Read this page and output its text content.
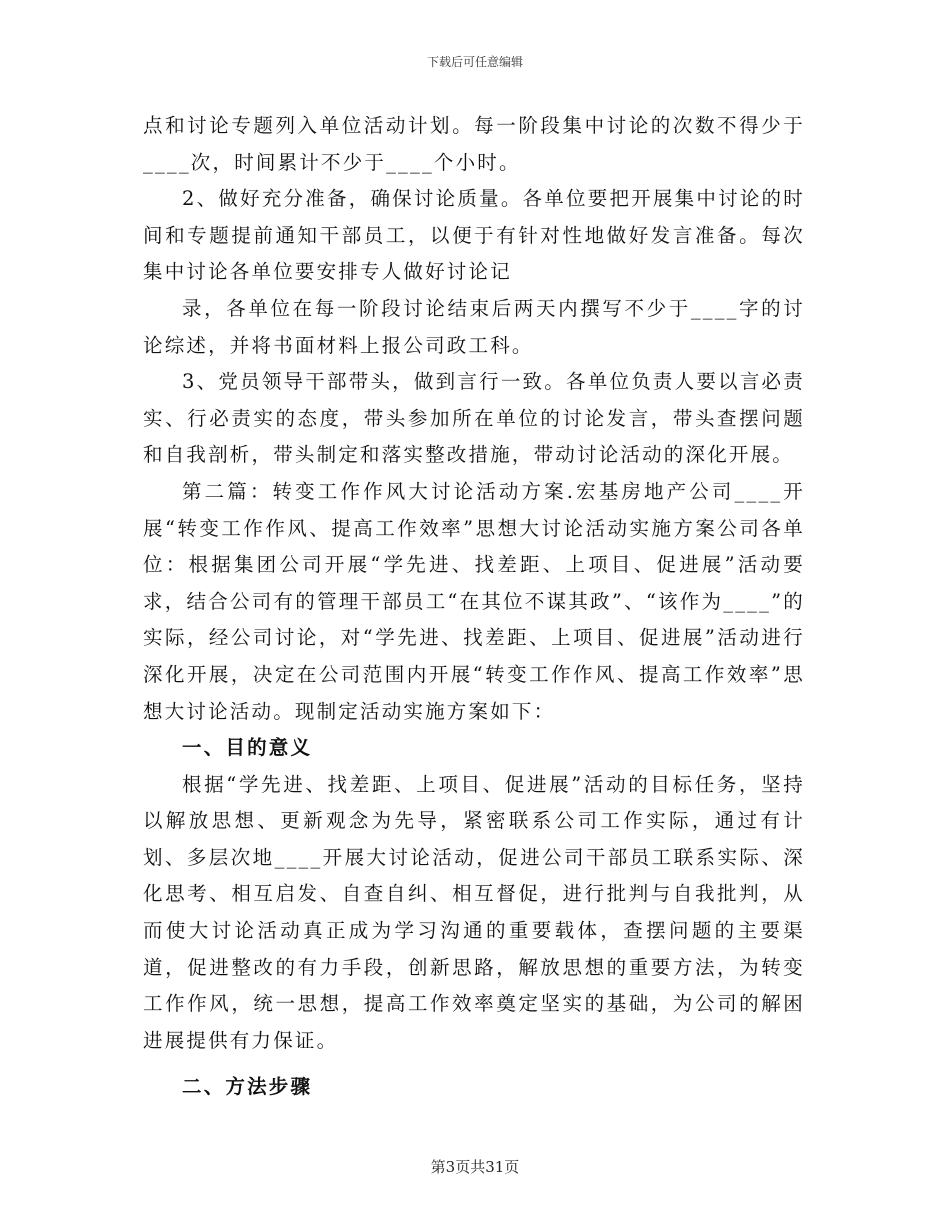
下载后可任意编辑

点和讨论专题列入单位活动计划。每一阶段集中讨论的次数不得少于____次，时间累计不少于____个小时。

2、做好充分准备，确保讨论质量。各单位要把开展集中讨论的时间和专题提前通知干部员工，以便于有针对性地做好发言准备。每次集中讨论各单位要安排专人做好讨论记

录，各单位在每一阶段讨论结束后两天内撰写不少于____字的讨论综述，并将书面材料上报公司政工科。

3、党员领导干部带头，做到言行一致。各单位负责人要以言必责实、行必责实的态度，带头参加所在单位的讨论发言，带头查摆问题和自我剖析，带头制定和落实整改措施，带动讨论活动的深化开展。

第二篇：转变工作作风大讨论活动方案.宏基房地产公司____开展“转变工作作风、提高工作效率”思想大讨论活动实施方案公司各单位：根据集团公司开展“学先进、找差距、上项目、促进展”活动要求，结合公司有的管理干部员工“在其位不谋其政”、“该作为____”的实际，经公司讨论，对“学先进、找差距、上项目、促进展”活动进行深化开展，决定在公司范围内开展“转变工作作风、提高工作效率”思想大讨论活动。现制定活动实施方案如下：

一、目的意义

根据“学先进、找差距、上项目、促进展”活动的目标任务，坚持以解放思想、更新观念为先导，紧密联系公司工作实际，通过有计划、多层次地____开展大讨论活动，促进公司干部员工联系实际、深化思考、相互启发、自查自纠、相互督促，进行批判与自我批判，从而使大讨论活动真正成为学习沟通的重要载体，查摆问题的主要渠道，促进整改的有力手段，创新思路，解放思想的重要方法，为转变工作作风，统一思想，提高工作效率奠定坚实的基础，为公司的解困进展提供有力保证。

二、方法步骤

第3页共31页
